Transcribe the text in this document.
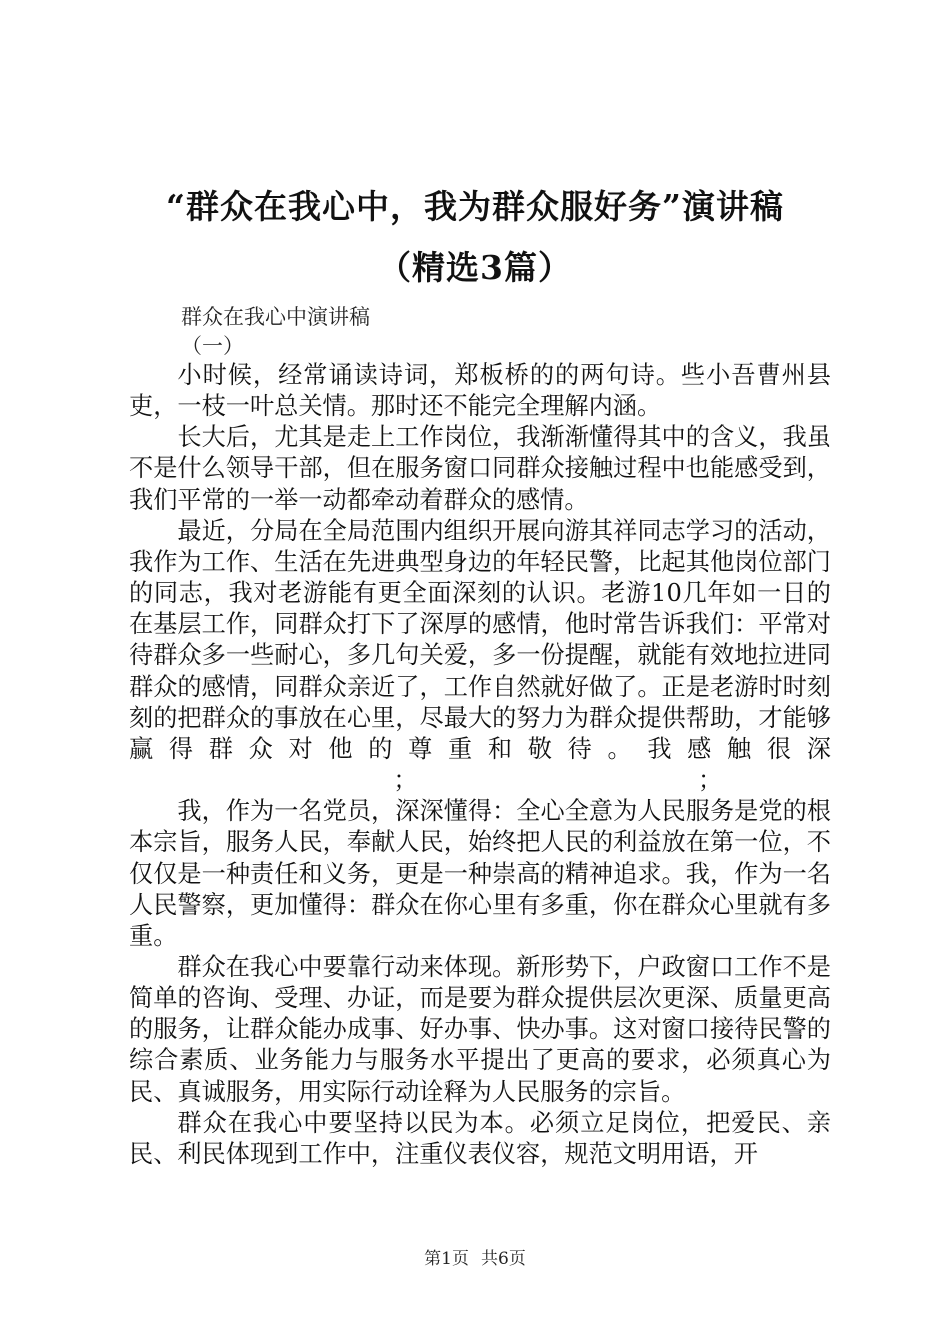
“群众在我心中，我为群众服好务”演讲稿
（精选3篇）
群众在我心中演讲稿
（一）

小时候，经常诵读诗词，郑板桥的的两句诗。些小吾曹州县吏，一枝一叶总关情。那时还不能完全理解内涵。

长大后，尤其是走上工作岗位，我渐渐懂得其中的含义，我虽不是什么领导干部，但在服务窗口同群众接触过程中也能感受到，我们平常的一举一动都牵动着群众的感情。

最近，分局在全局范围内组织开展向游其祥同志学习的活动，我作为工作、生活在先进典型身边的年轻民警，比起其他岗位部门的同志，我对老游能有更全面深刻的认识。老游10几年如一日的在基层工作，同群众打下了深厚的感情，他时常告诉我们：平常对待群众多一些耐心，多几句关爱，多一份提醒，就能有效地拉进同群众的感情，同群众亲近了，工作自然就好做了。正是老游时时刻刻的把群众的事放在心里，尽最大的努力为群众提供帮助，才能够赢得群众对他的尊重和敬待。我感触很深；	；

我，作为一名党员，深深懂得：全心全意为人民服务是党的根本宗旨，服务人民，奉献人民，始终把人民的利益放在第一位，不仅仅是一种责任和义务，更是一种崇高的精神追求。我，作为一名人民警察，更加懂得：群众在你心里有多重，你在群众心里就有多重。

群众在我心中要靠行动来体现。新形势下，户政窗口工作不是简单的咨询、受理、办证，而是要为群众提供层次更深、质量更高的服务，让群众能办成事、好办事、快办事。这对窗口接待民警的综合素质、业务能力与服务水平提出了更高的要求，必须真心为民、真诚服务，用实际行动诠释为人民服务的宗旨。

群众在我心中要坚持以民为本。必须立足岗位，把爱民、亲民、利民体现到工作中，注重仪表仪容，规范文明用语，开

第1页 共6页
